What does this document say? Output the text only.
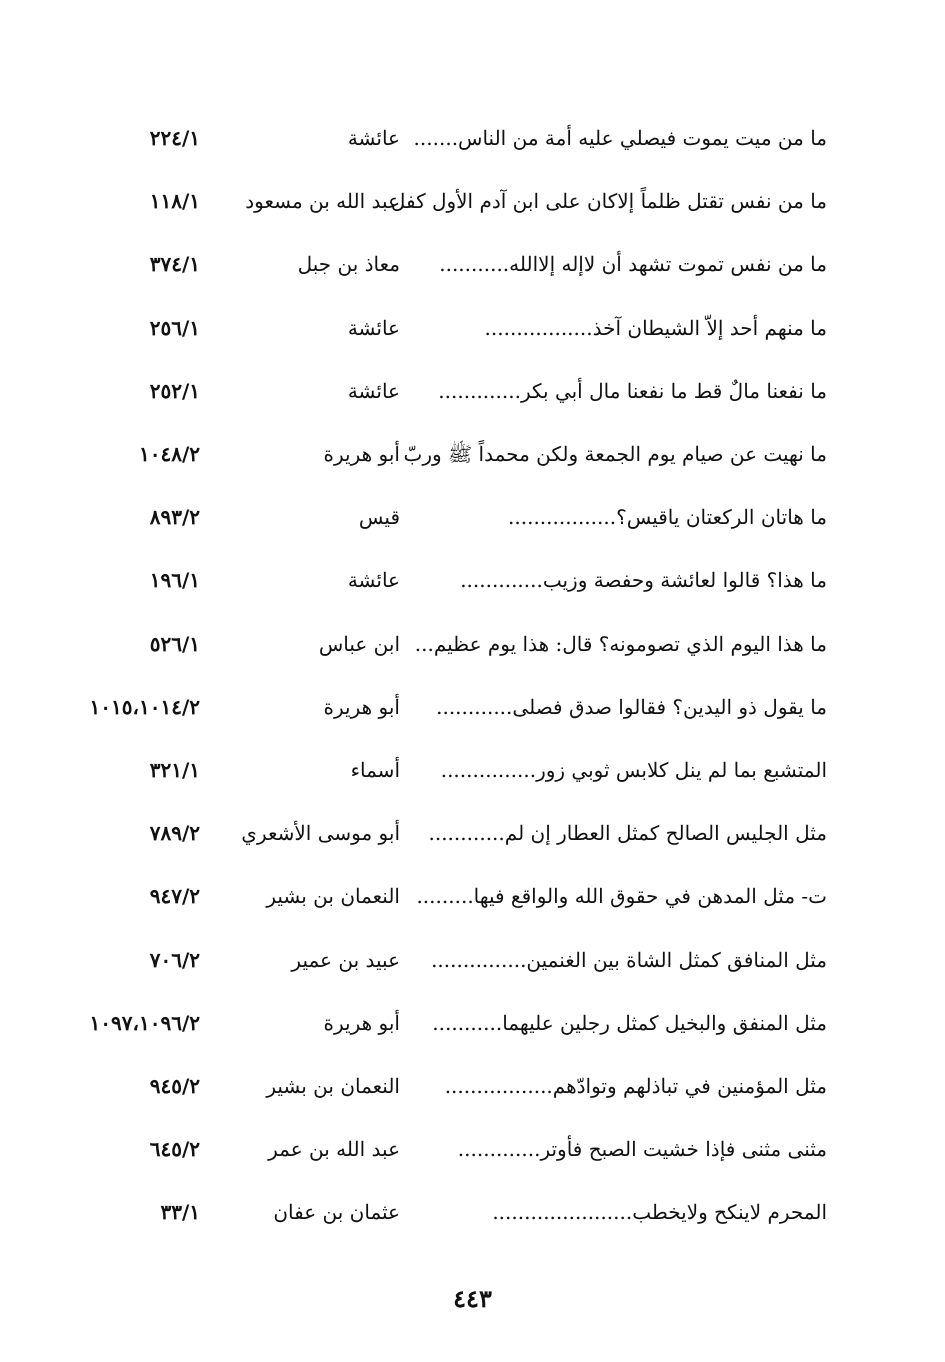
ما من ميت يموت فيصلي عليه أمة من الناس.......
عائشة
٢٢٤/١
ما من نفس تقتل ظلماً إلاكان على ابن آدم الأول كفل
عبد الله بن مسعود
١١٨/١
ما من نفس تموت تشهد أن لاإله إلاالله...........
معاذ بن جبل
٣٧٤/١
ما منهم أحد إلاّ الشيطان آخذ.................
عائشة
٢٥٦/١
ما نفعنا مالٌ قط ما نفعنا مال أبي بكر.............
عائشة
٢٥٢/١
ما نهيت عن صيام يوم الجمعة ولكن محمداً ﷺ وربّ
أبو هريرة
١٠٤٨/٢
ما هاتان الركعتان ياقيس؟.................
قيس
٨٩٣/٢
ما هذا؟ قالوا لعائشة وحفصة وزيب.............
عائشة
١٩٦/١
ما هذا اليوم الذي تصومونه؟ قال: هذا يوم عظيم...
ابن عباس
٥٢٦/١
ما يقول ذو اليدين؟ فقالوا صدق فصلى............
أبو هريرة
١٠١٥،١٠١٤/٢
المتشبع بما لم ينل كلابس ثوبي زور...............
أسماء
٣٢١/١
مثل الجليس الصالح كمثل العطار إن لم............
أبو موسى الأشعري
٧٨٩/٢
ت- مثل المدهن في حقوق الله والواقع فيها.........
النعمان بن بشير
٩٤٧/٢
مثل المنافق كمثل الشاة بين الغنمين...............
عبيد بن عمير
٧٠٦/٢
مثل المنفق والبخيل كمثل رجلين عليهما...........
أبو هريرة
١٠٩٧،١٠٩٦/٢
مثل المؤمنين في تباذلهم وتوادّهم.................
النعمان بن بشير
٩٤٥/٢
مثنى مثنى فإذا خشيت الصبح فأوتر.............
عبد الله بن عمر
٦٤٥/٢
المحرم لاينكح ولايخطب......................
عثمان بن عفان
٣٣/١
٤٤٣
